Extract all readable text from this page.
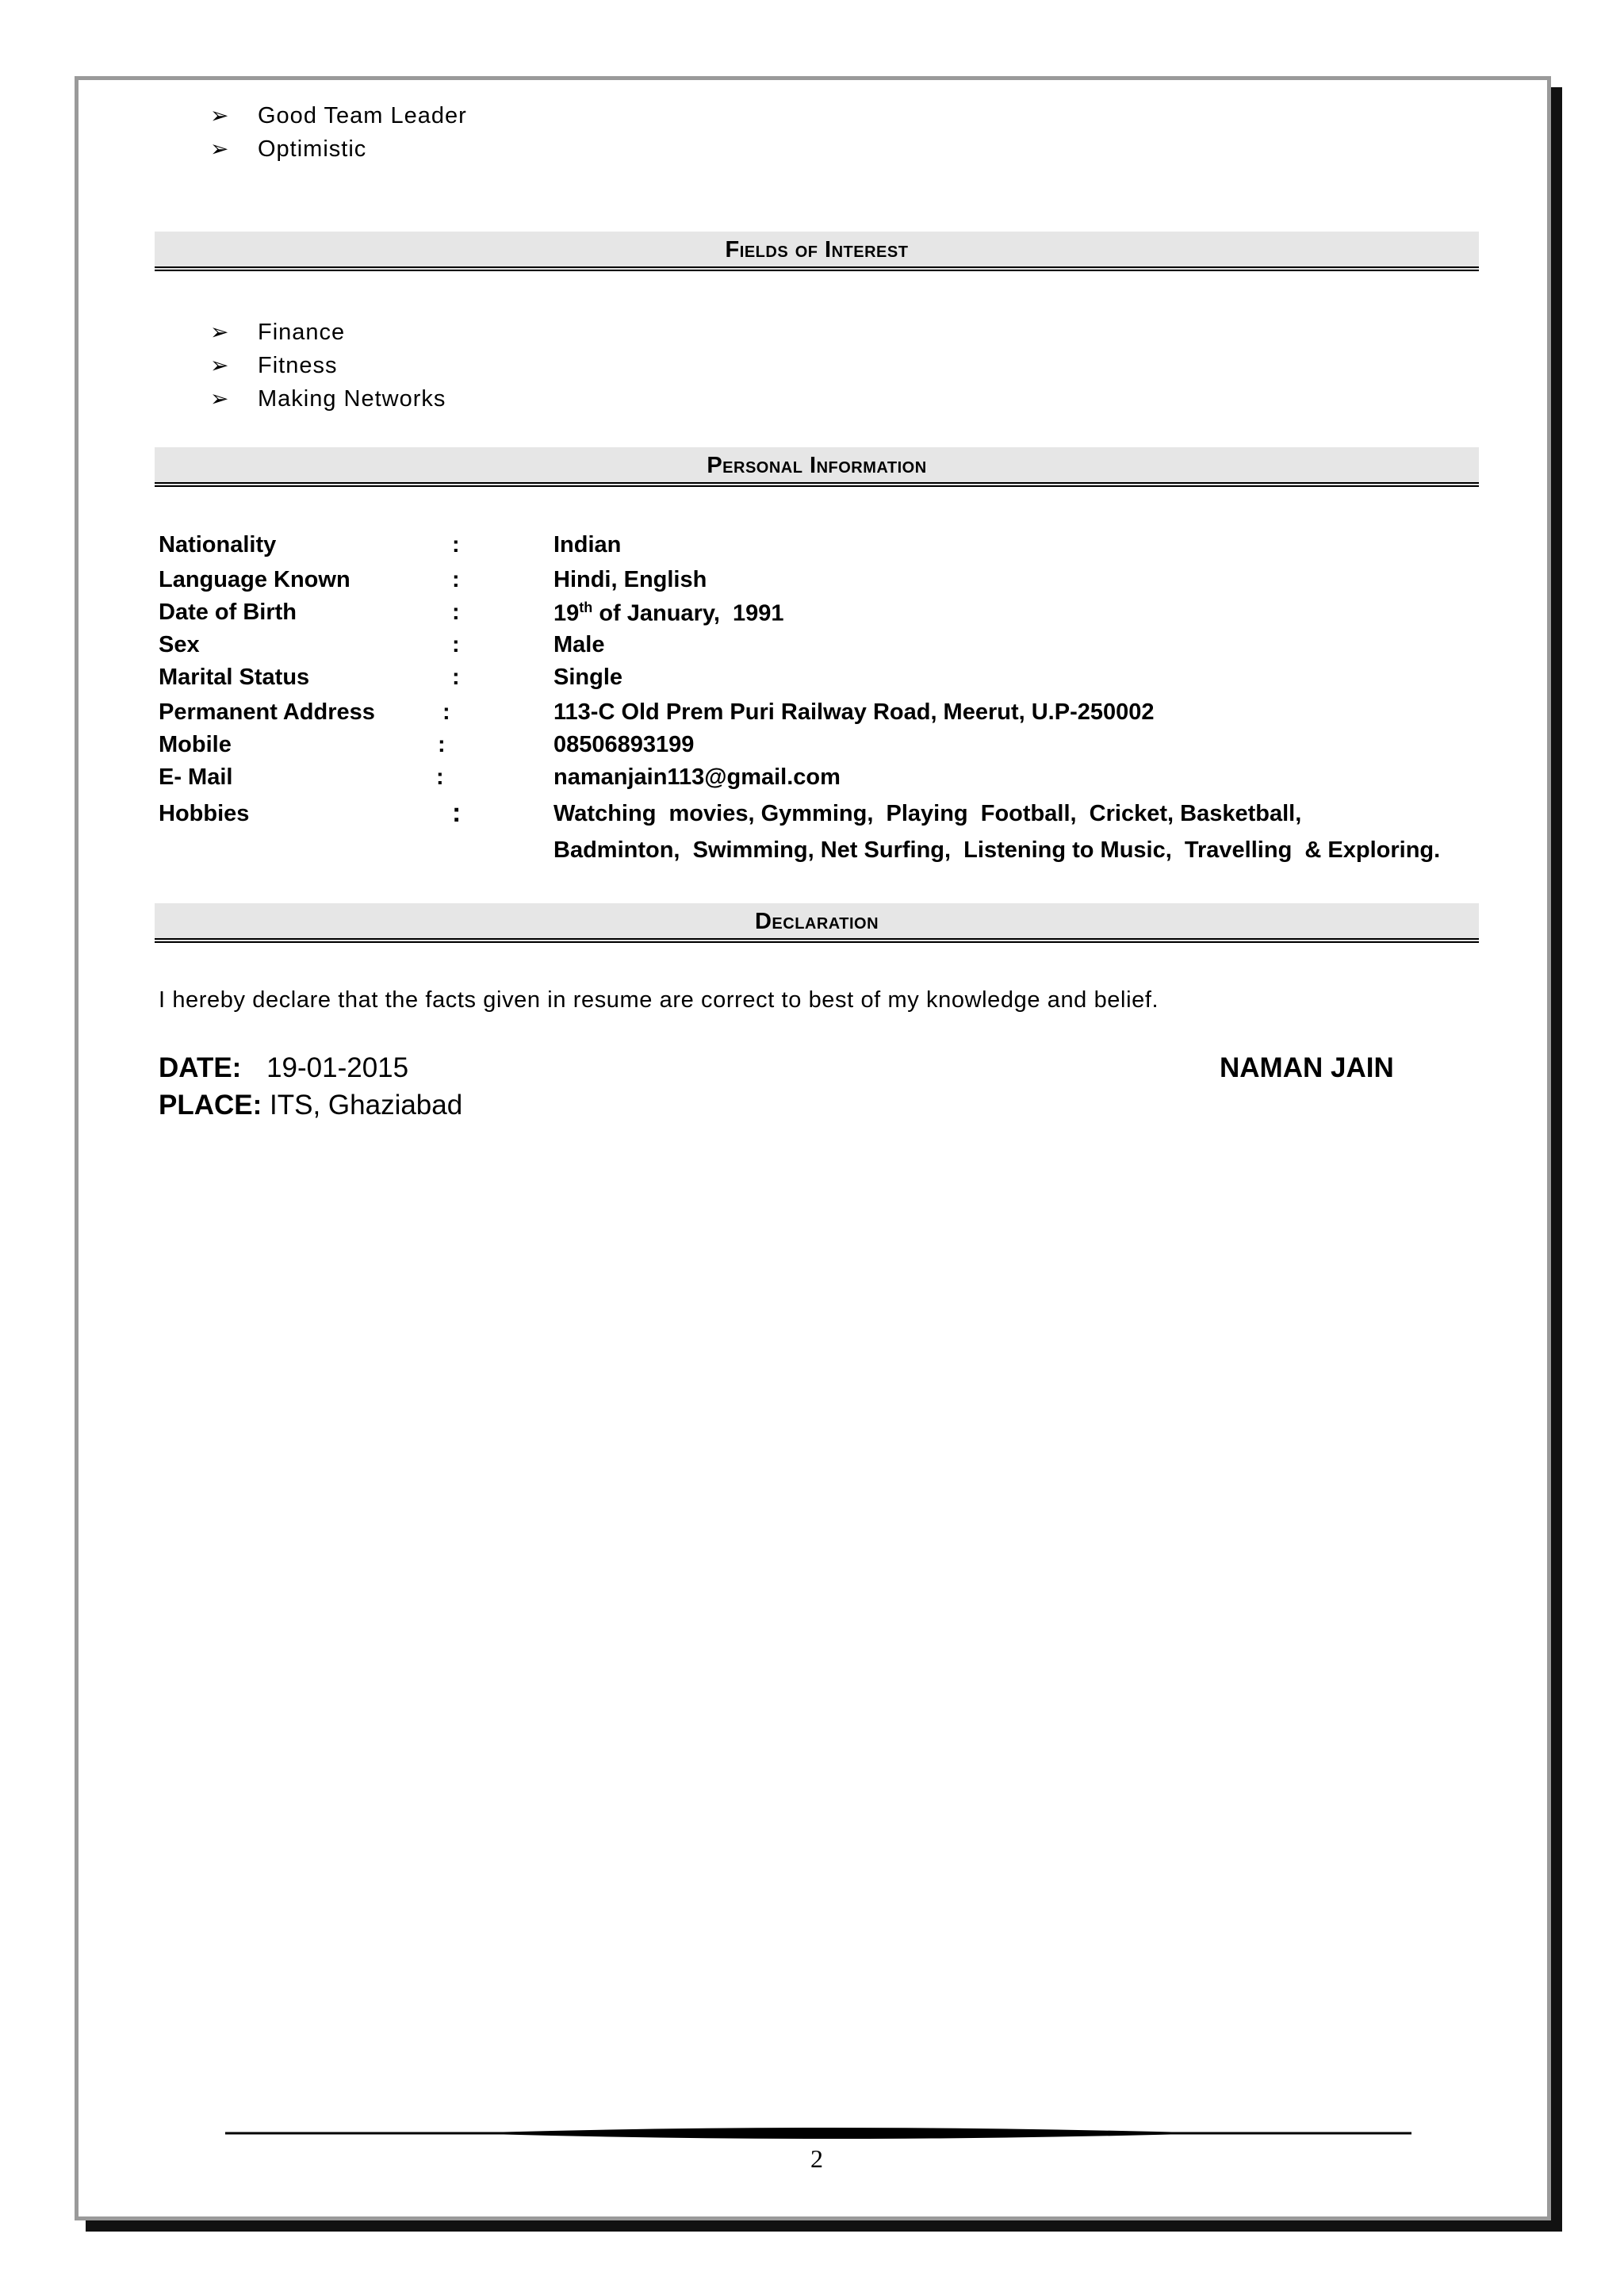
➢ Good Team Leader
➢ Optimistic
Fields of Interest
➢ Finance
➢ Fitness
➢ Making Networks
Personal Information
Nationality	:	Indian
Language Known	:	Hindi, English
Date of Birth	:	19th of January,  1991
Sex	:	Male
Marital Status	:	Single
Permanent Address	:	113-C Old Prem Puri Railway Road, Meerut, U.P-250002
Mobile	:	08506893199
E- Mail	:	namanjain113@gmail.com
Hobbies	:	Watching  movies, Gymming,  Playing  Football,  Cricket, Basketball,
Badminton,  Swimming, Net Surfing,  Listening to Music,  Travelling  & Exploring.
Declaration
I hereby declare that the facts given in resume are correct to best of my knowledge and belief.
DATE: 19-01-2015
PLACE: ITS, Ghaziabad
NAMAN JAIN
2
